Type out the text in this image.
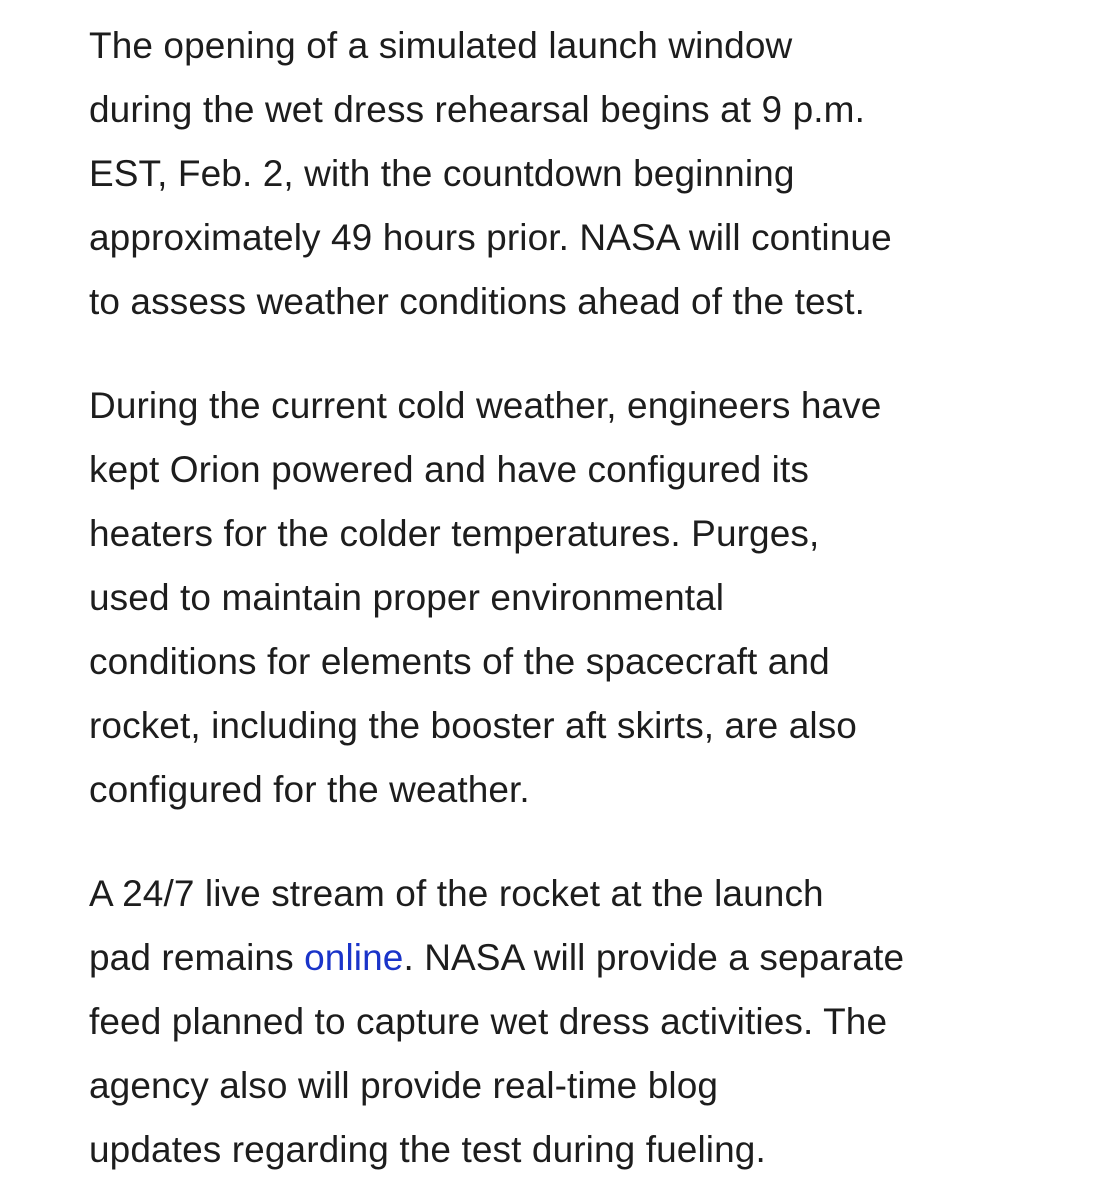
The opening of a simulated launch window
during the wet dress rehearsal begins at 9 p.m.
EST, Feb. 2, with the countdown beginning
approximately 49 hours prior. NASA will continue
to assess weather conditions ahead of the test.

During the current cold weather, engineers have
kept Orion powered and have configured its
heaters for the colder temperatures. Purges,
used to maintain proper environmental
conditions for elements of the spacecraft and
rocket, including the booster aft skirts, are also
configured for the weather.

A 24/7 live stream of the rocket at the launch
pad remains online. NASA will provide a separate
feed planned to capture wet dress activities. The
agency also will provide real-time blog
updates regarding the test during fueling.
